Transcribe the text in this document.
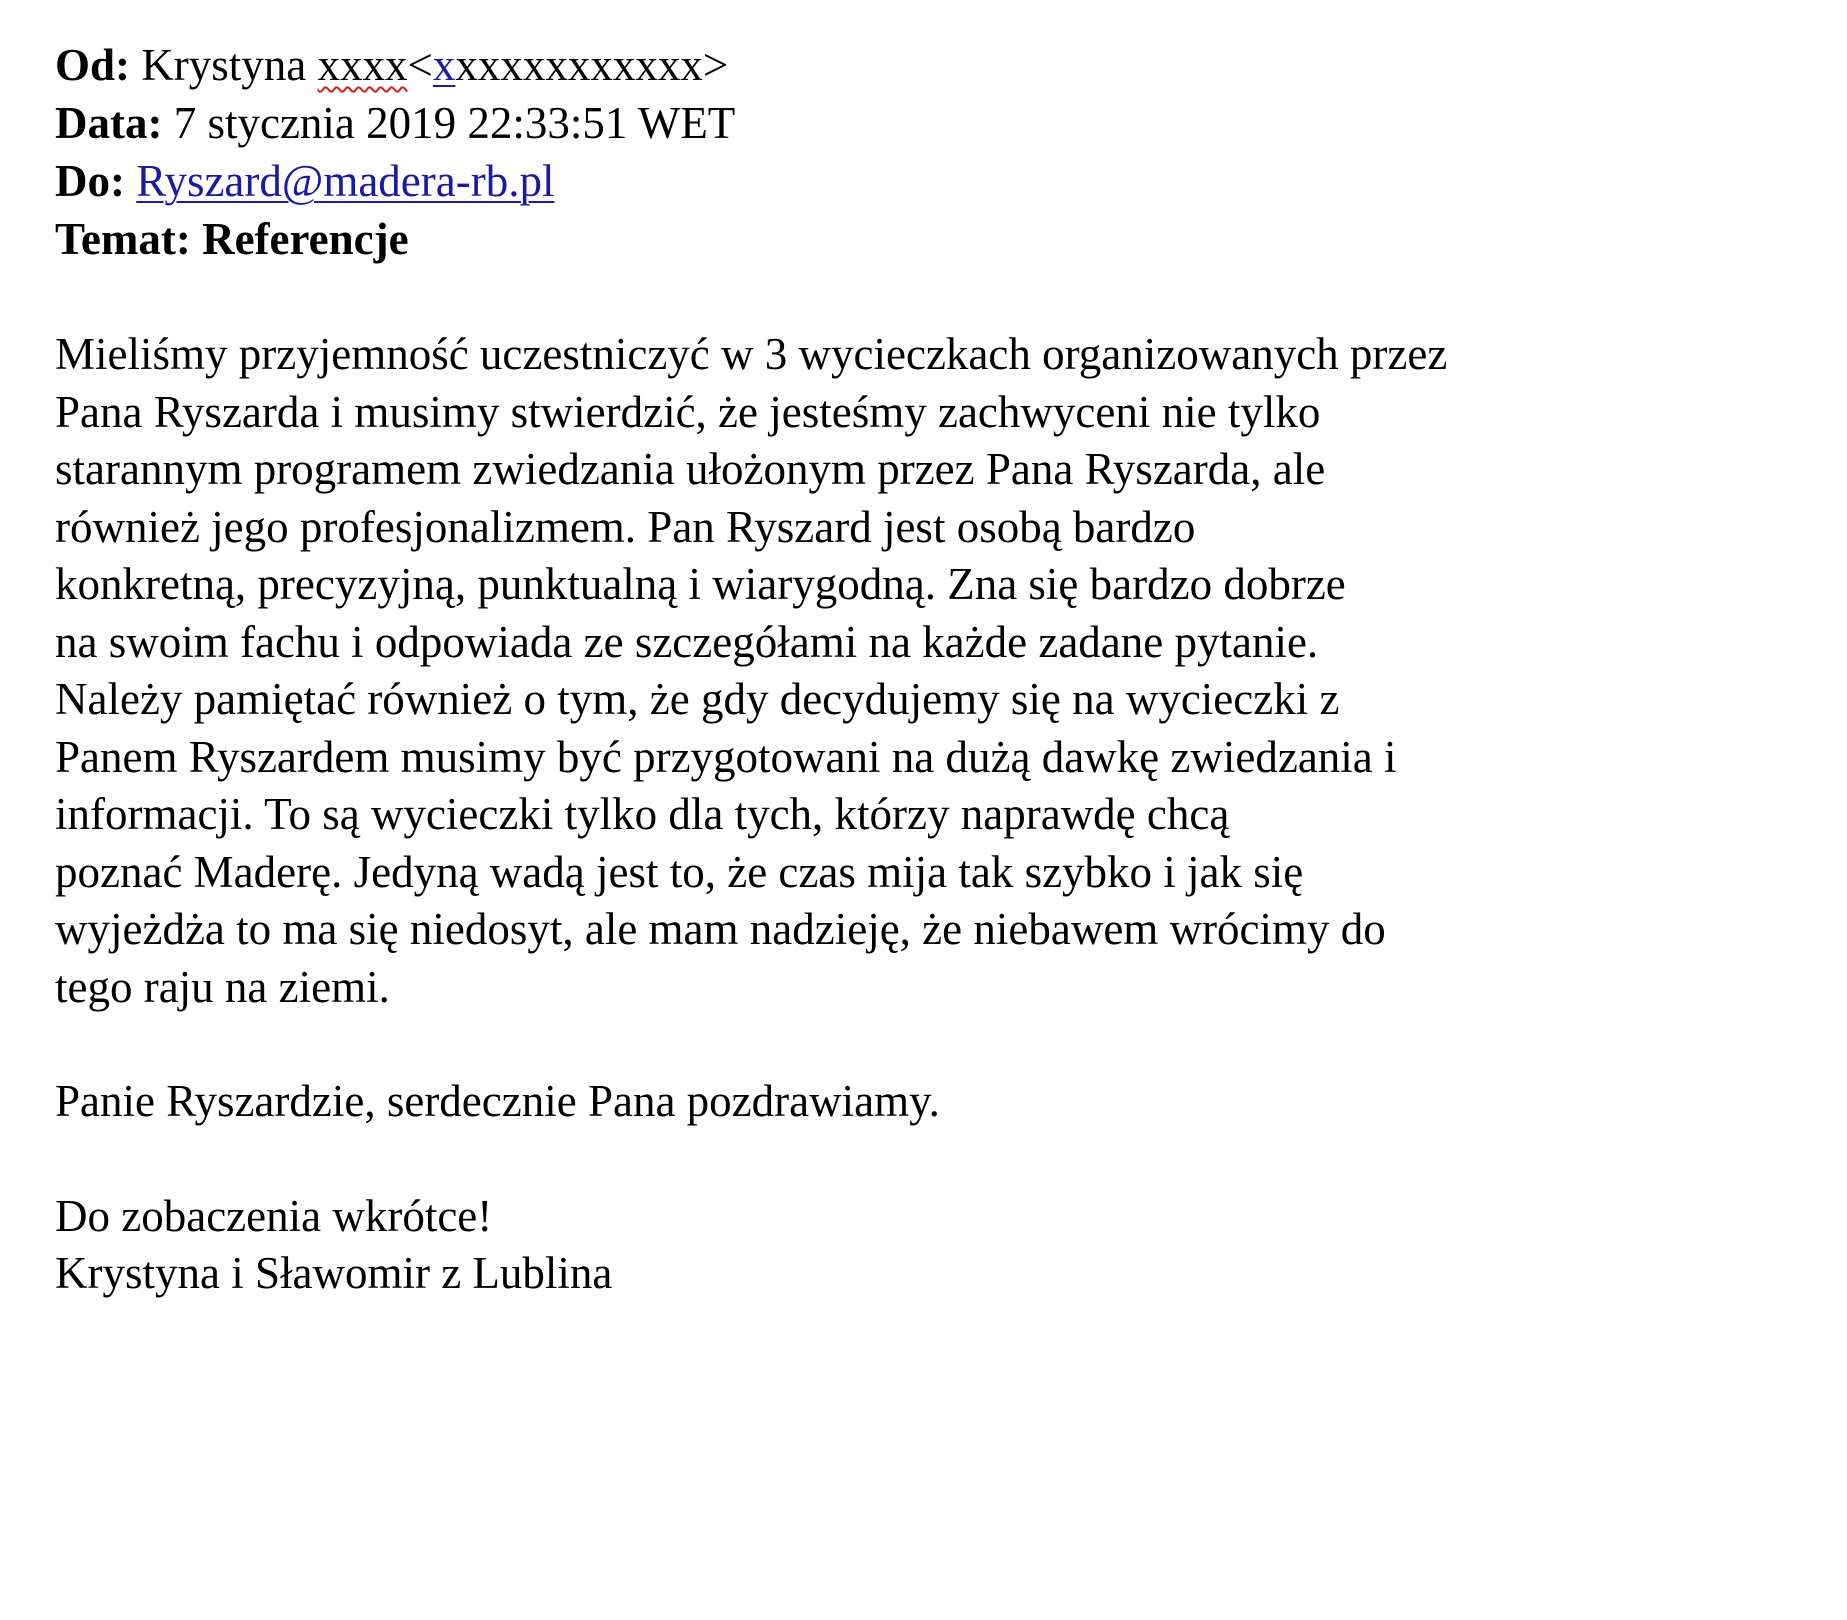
Od: Krystyna xxxx<xxxxxxxxxxxx>
Data: 7 stycznia 2019 22:33:51 WET
Do: Ryszard@madera-rb.pl
Temat: Referencje
Mieliśmy przyjemność uczestniczyć w 3 wycieczkach organizowanych przez
Pana Ryszarda i musimy stwierdzić, że jesteśmy zachwyceni nie tylko
starannym programem zwiedzania ułożonym przez Pana Ryszarda, ale
również jego profesjonalizmem. Pan Ryszard jest osobą bardzo
konkretną, precyzyjną, punktualną i wiarygodną. Zna się bardzo dobrze
na swoim fachu i odpowiada ze szczegółami na każde zadane pytanie.
Należy pamiętać również o tym, że gdy decydujemy się na wycieczki z
Panem Ryszardem musimy być przygotowani na dużą dawkę zwiedzania i
informacji. To są wycieczki tylko dla tych, którzy naprawdę chcą
poznać Maderę. Jedyną wadą jest to, że czas mija tak szybko i jak się
wyjeżdża to ma się niedosyt, ale mam nadzieję, że niebawem wrócimy do
tego raju na ziemi.
Panie Ryszardzie, serdecznie Pana pozdrawiamy.
Do zobaczenia wkrótce!
Krystyna i Sławomir z Lublina
